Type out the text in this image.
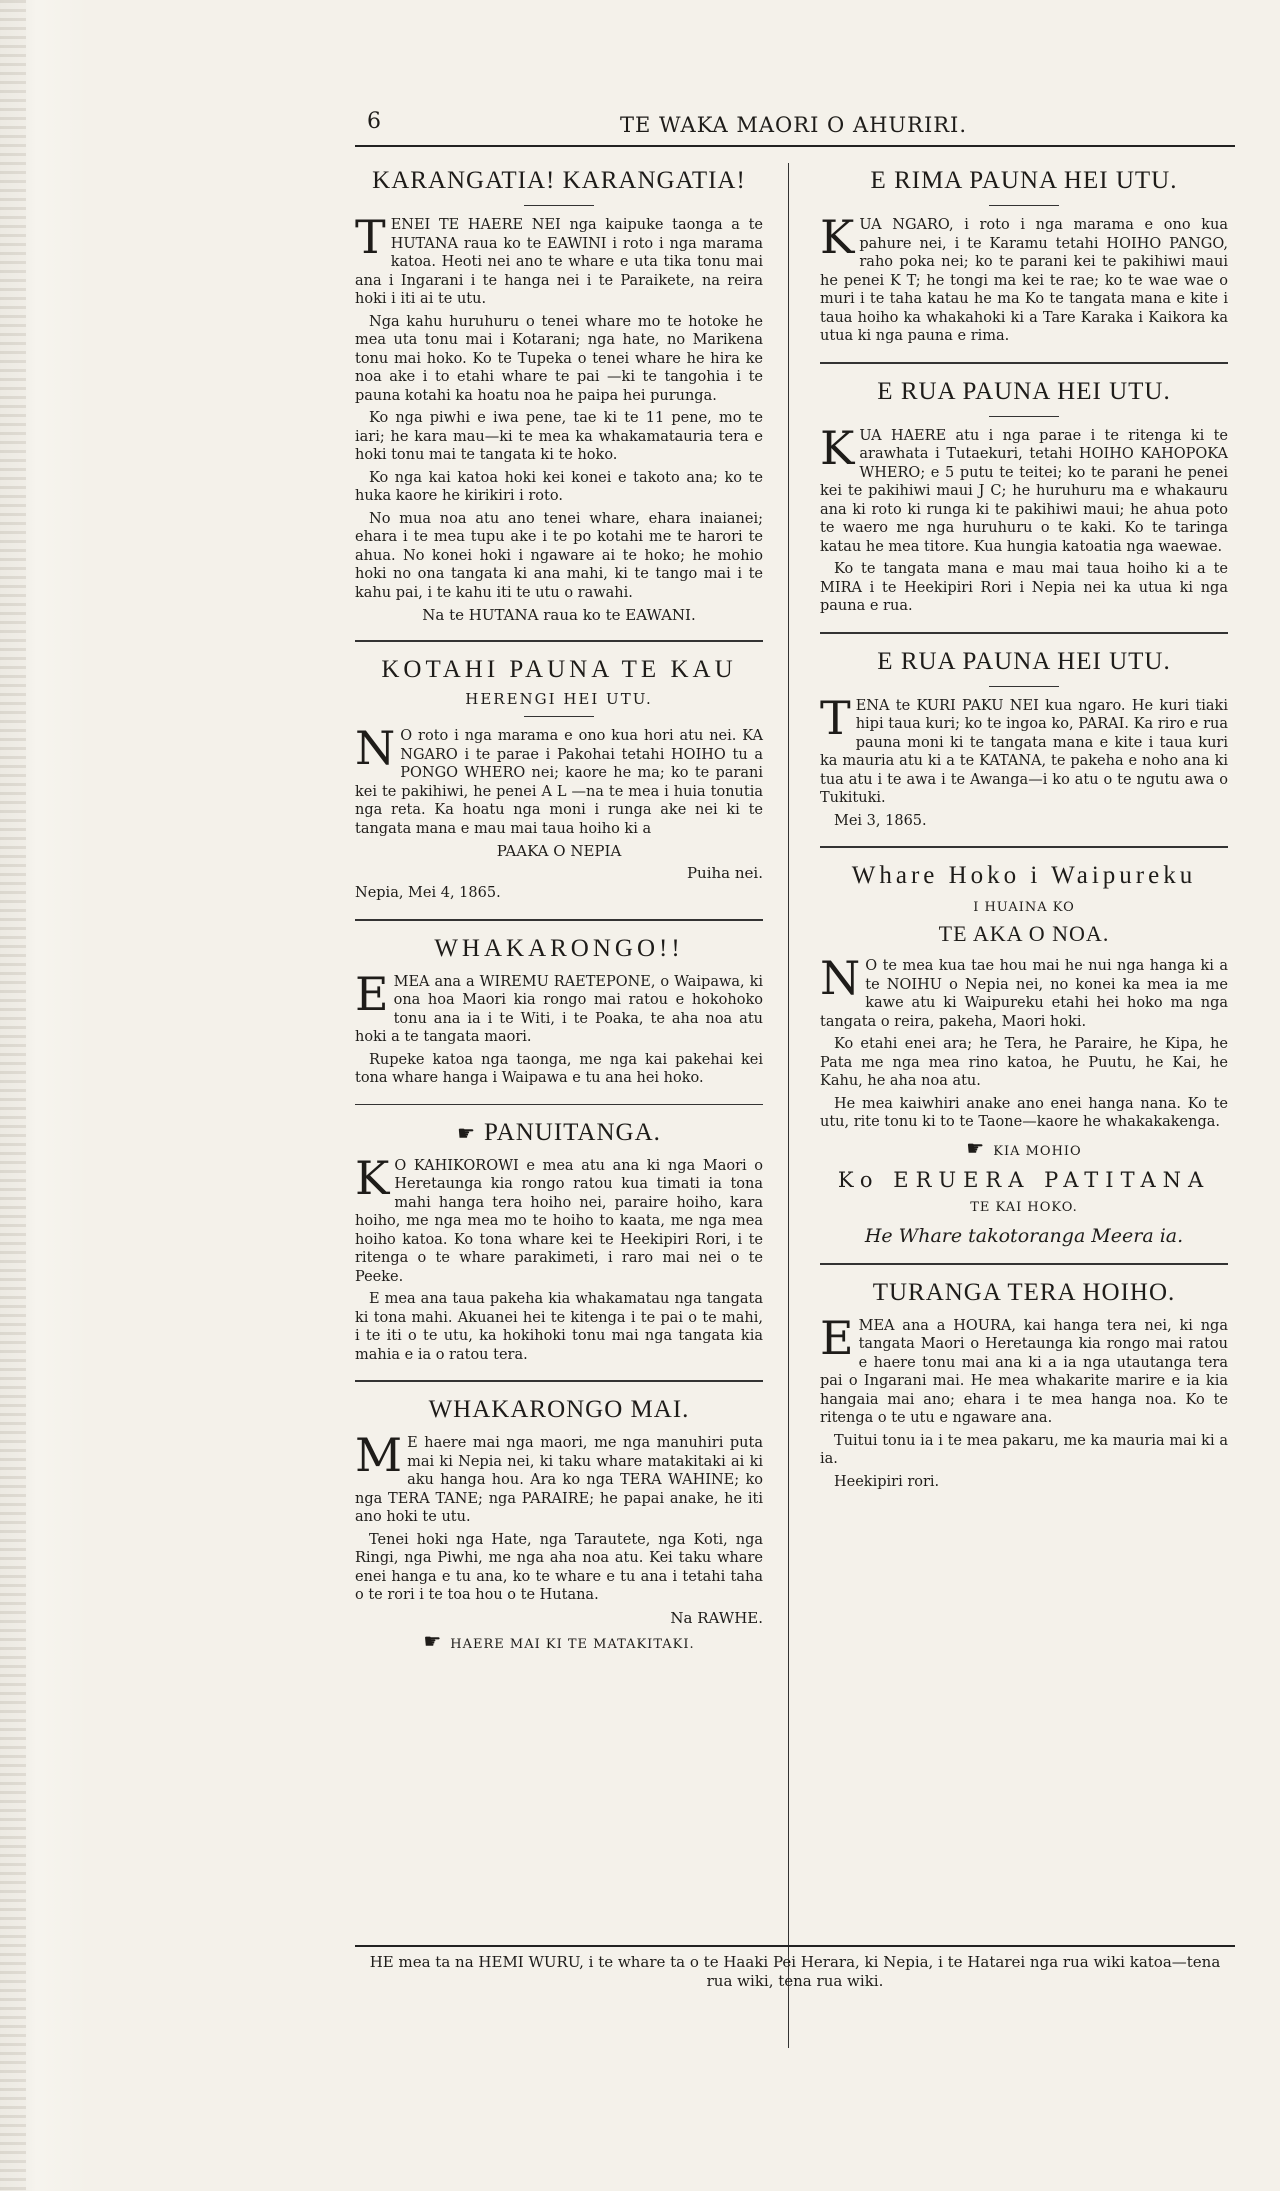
6	TE WAKA MAORI O AHURIRI.
KARANGATIA! KARANGATIA!

TENEI TE HAERE NEI nga kaipuke taonga a te HUTANA raua ko te EAWINI i roto i nga marama katoa. Heoti nei ano te whare e uta tika tonu mai ana i Ingarani i te hanga nei i te Paraikete, na reira hoki i iti ai te utu.

Nga kahu huruhuru o tenei whare mo te hotoke he mea uta tonu mai i Kotarani; nga hate, no Marikena tonu mai hoko. Ko te Tupeka o tenei whare he hira ke noa ake i to etahi whare te pai —ki te tangohia i te pauna kotahi ka hoatu noa he paipa hei purunga.

Ko nga piwhi e iwa pene, tae ki te 11 pene, mo te iari; he kara mau—ki te mea ka whakamatauria tera e hoki tonu mai te tangata ki te hoko.

Ko nga kai katoa hoki kei konei e takoto ana; ko te huka kaore he kirikiri i roto.

No mua noa atu ano tenei whare, ehara inaianei; ehara i te mea tupu ake i te po kotahi me te harori te ahua. No konei hoki i ngaware ai te hoko; he mohio hoki no ona tangata ki ana mahi, ki te tango mai i te kahu pai, i te kahu iti te utu o rawahi.

Na te HUTANA raua ko te EAWANI.
KOTAHI PAUNA TE KAU
HERENGI HEI UTU.

N O roto i nga marama e ono kua hori atu nei. KA NGARO i te parae i Pakohai tetahi HOIHO tu a PONGO WHERO nei; kaore he ma; ko te parani kei te pakihiwi, he penei A L —na te mea i huia tonutia nga reta. Ka hoatu nga moni i runga ake nei ki te tangata mana e mau mai taua hoiho ki a

PAAKA O NEPIA
Puiha nei.

Nepia, Mei 4, 1865.

WHAKARONGO!!

EMEA ana a WIREMU RAETEPONE, o Waipawa, ki ona hoa Maori kia rongo mai ratou e hokohoko tonu ana ia i te Witi, i te Poaka, te aha noa atu hoki a te tangata maori.

Rupeke katoa nga taonga, me nga kai pakehai kei tona whare hanga i Waipawa e tu ana hei hoko.

☛ PANUITANGA.

K O KAHIKOROWI e mea atu ana ki nga Maori o Heretaunga kia rongo ratou kua timati ia tona mahi hanga tera hoiho nei, paraire hoiho, kara hoiho, me nga mea mo te hoiho to kaata, me nga mea hoiho katoa. Ko tona whare kei te Heekipiri Rori, i te ritenga o te whare parakimeti, i raro mai nei o te Peeke.

E mea ana taua pakeha kia whakamatau nga tangata ki tona mahi. Akuanei hei te kitenga i te pai o te mahi, i te iti o te utu, ka hokihoki tonu mai nga tangata kia mahia e ia o ratou tera.

WHAKARONGO MAI.

M E haere mai nga maori, me nga manuhiri puta mai ki Nepia nei, ki taku whare matakitaki ai ki aku hanga hou. Ara ko nga TERA WAHINE; ko nga TERA TANE; nga PARAIRE; he papai anake, he iti ano hoki te utu.

Tenei hoki nga Hate, nga Tarautete, nga Koti, nga Ringi, nga Piwhi, me nga aha noa atu. Kei taku whare enei hanga e tu ana, ko te whare e tu ana i tetahi taha o te rori i te toa hou o te Hutana.

Na RAWHE.
☛ HAERE MAI KI TE MATAKITAKI.
E RIMA PAUNA HEI UTU.

KUA NGARO, i roto i nga marama e ono kua pahure nei, i te Karamu tetahi HOIHO PANGO, raho poka nei; ko te parani kei te pakihiwi maui he penei K T; he tongi ma kei te rae; ko te wae wae o muri i te taha katau he ma Ko te tangata mana e kite i taua hoiho ka whakahoki ki a Tare Karaka i Kaikora ka utua ki nga pauna e rima.

E RUA PAUNA HEI UTU.

KUA HAERE atu i nga parae i te ritenga ki te arawhata i Tutaekuri, tetahi HOIHO KAHOPOKA WHERO; e 5 putu te teitei; ko te parani he penei kei te pakihiwi maui J C; he huruhuru ma e whakauru ana ki roto ki runga ki te pakihiwi maui; he ahua poto te waero me nga huruhuru o te kaki. Ko te taringa katau he mea titore. Kua hungia katoatia nga waewae.

Ko te tangata mana e mau mai taua hoiho ki a te MIRA i te Heekipiri Rori i Nepia nei ka utua ki nga pauna e rua.

E RUA PAUNA HEI UTU.

TENA te KURI PAKU NEI kua ngaro. He kuri tiaki hipi taua kuri; ko te ingoa ko, PARAI. Ka riro e rua pauna moni ki te tangata mana e kite i taua kuri ka mauria atu ki a te KATANA, te pakeha e noho ana ki tua atu i te awa i te Awanga—i ko atu o te ngutu awa o Tukituki.

Mei 3, 1865.

Whare Hoko i Waipureku
I HUAINA KO
TE AKA O NOA.

N O te mea kua tae hou mai he nui nga hanga ki a te NOIHU o Nepia nei, no konei ka mea ia me kawe atu ki Waipureku etahi hei hoko ma nga tangata o reira, pakeha, Maori hoki.

Ko etahi enei ara; he Tera, he Paraire, he Kipa, he Pata me nga mea rino katoa, he Puutu, he Kai, he Kahu, he aha noa atu.

He mea kaiwhiri anake ano enei hanga nana. Ko te utu, rite tonu ki to te Taone—kaore he whakakakenga.

☛ KIA MOHIO
Ko ERUERA PATITANA
TE KAI HOKO.
He Whare takotoranga Meera ia.
TURANGA TERA HOIHO.

EMEA ana a HOURA, kai hanga tera nei, ki nga tangata Maori o Heretaunga kia rongo mai ratou e haere tonu mai ana ki a ia nga utautanga tera pai o Ingarani mai. He mea whakarite marire e ia kia hangaia mai ano; ehara i te mea hanga noa. Ko te ritenga o te utu e ngaware ana.

Tuitui tonu ia i te mea pakaru, me ka mauria mai ki a ia.

Heekipiri rori.

HE mea ta na HEMI WURU, i te whare ta o te Haaki Pei Herara, ki Nepia, i te Hatarei nga rua wiki katoa—tena rua wiki, tena rua wiki.
